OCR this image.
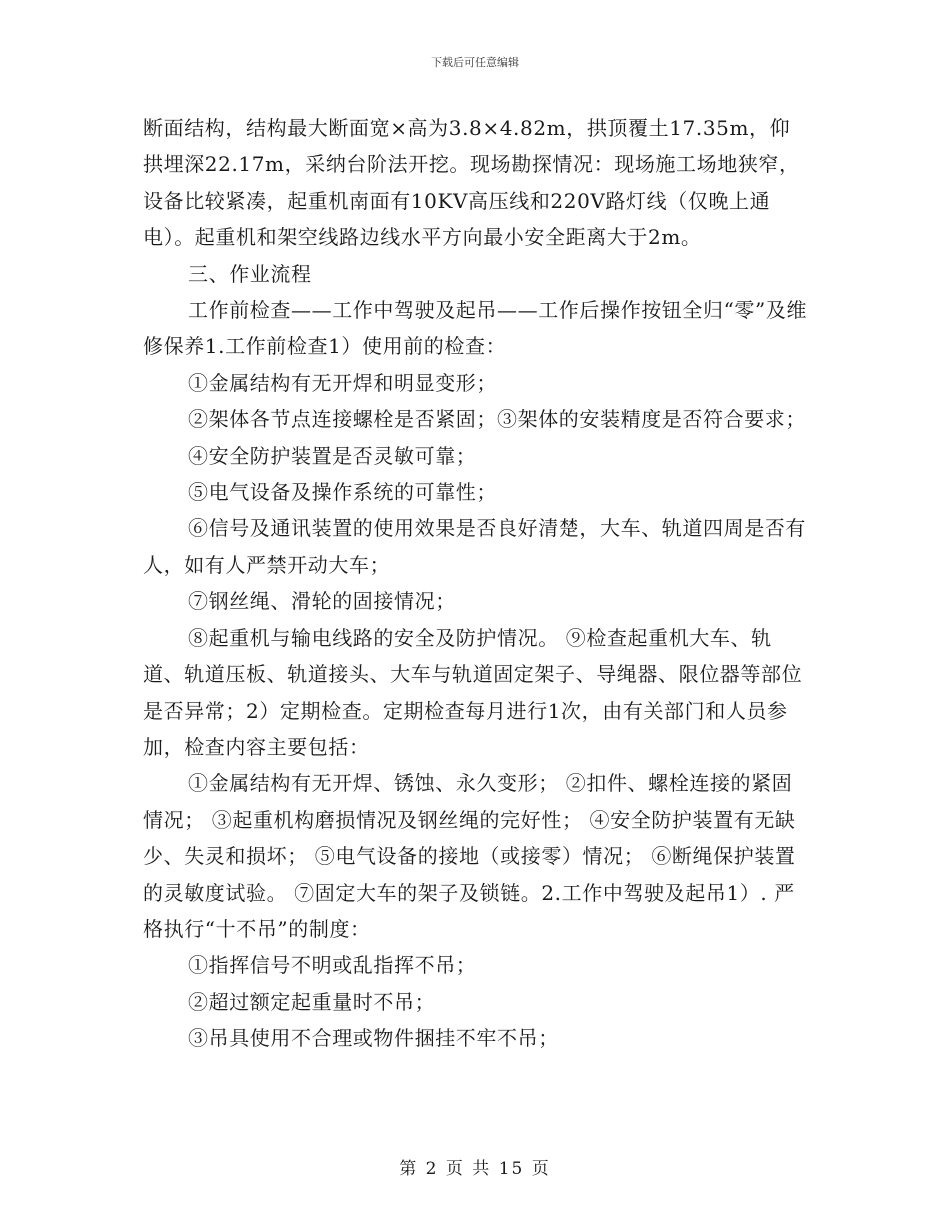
下载后可任意编辑

断面结构，结构最大断面宽×高为3.8×4.82m，拱顶覆土17.35m，仰拱埋深22.17m，采纳台阶法开挖。现场勘探情况：现场施工场地狭窄，设备比较紧凑，起重机南面有10KV高压线和220V路灯线（仅晚上通电）。起重机和架空线路边线水平方向最小安全距离大于2m。

三、作业流程

工作前检查——工作中驾驶及起吊——工作后操作按钮全归“零”及维修保养1.工作前检查1）使用前的检查：

①金属结构有无开焊和明显变形；

②架体各节点连接螺栓是否紧固；③架体的安装精度是否符合要求；

④安全防护装置是否灵敏可靠；

⑤电气设备及操作系统的可靠性；

⑥信号及通讯装置的使用效果是否良好清楚，大车、轨道四周是否有人，如有人严禁开动大车；

⑦钢丝绳、滑轮的固接情况；

⑧起重机与输电线路的安全及防护情况。 ⑨检查起重机大车、轨道、轨道压板、轨道接头、大车与轨道固定架子、导绳器、限位器等部位是否异常；2）定期检查。定期检查每月进行1次，由有关部门和人员参加，检查内容主要包括：

①金属结构有无开焊、锈蚀、永久变形； ②扣件、螺栓连接的紧固情况； ③起重机构磨损情况及钢丝绳的完好性； ④安全防护装置有无缺少、失灵和损坏； ⑤电气设备的接地（或接零）情况； ⑥断绳保护装置的灵敏度试验。 ⑦固定大车的架子及锁链。2.工作中驾驶及起吊1）. 严格执行“十不吊”的制度：

①指挥信号不明或乱指挥不吊；

②超过额定起重量时不吊；

③吊具使用不合理或物件捆挂不牢不吊；

第 2 页 共 15 页
